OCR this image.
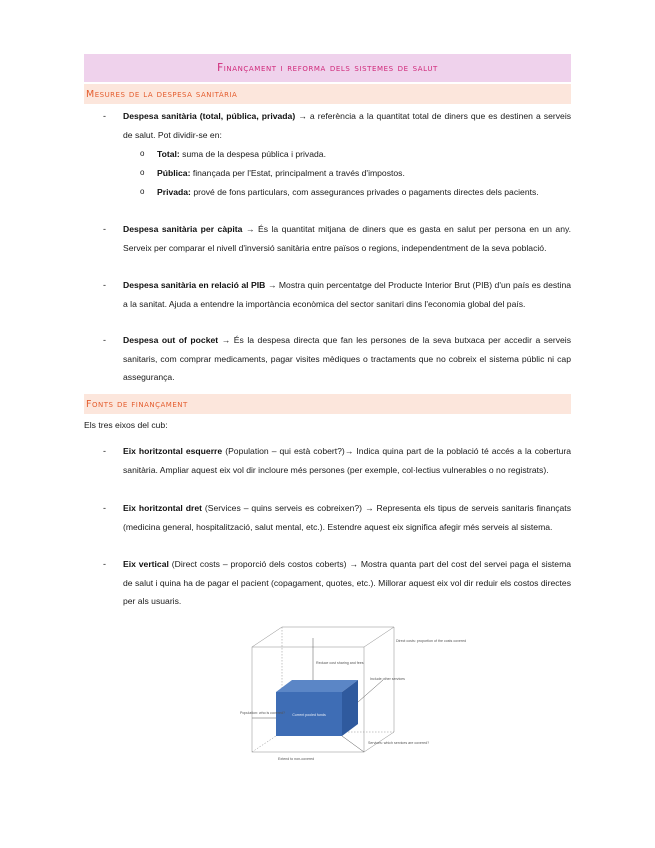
Finançament i reforma dels sistemes de salut
Mesures de la despesa sanitària
- Despesa sanitària (total, pública, privada) → a referència a la quantitat total de diners que es destinen a serveis de salut. Pot dividir-se en:
o Total: suma de la despesa pública i privada.
o Pública: finançada per l'Estat, principalment a través d'impostos.
o Privada: prové de fons particulars, com assegurances privades o pagaments directes dels pacients.
- Despesa sanitària per càpita → És la quantitat mitjana de diners que es gasta en salut per persona en un any. Serveix per comparar el nivell d'inversió sanitària entre països o regions, independentment de la seva població.
- Despesa sanitària en relació al PIB → Mostra quin percentatge del Producte Interior Brut (PIB) d'un país es destina a la sanitat. Ajuda a entendre la importància econòmica del sector sanitari dins l'economia global del país.
- Despesa out of pocket → És la despesa directa que fan les persones de la seva butxaca per accedir a serveis sanitaris, com comprar medicaments, pagar visites mèdiques o tractaments que no cobreix el sistema públic ni cap assegurança.
Fonts de finançament
Els tres eixos del cub:
- Eix horitzontal esquerre (Population – qui està cobert?)→ Indica quina part de la població té accés a la cobertura sanitària. Ampliar aquest eix vol dir incloure més persones (per exemple, col·lectius vulnerables o no registrats).
- Eix horitzontal dret (Services – quins serveis es cobreixen?) → Representa els tipus de serveis sanitaris finançats (medicina general, hospitalització, salut mental, etc.). Estendre aquest eix significa afegir més serveis al sistema.
- Eix vertical (Direct costs – proporció dels costos coberts) → Mostra quanta part del cost del servei paga el sistema de salut i quina ha de pagar el pacient (copagament, quotes, etc.). Millorar aquest eix vol dir reduir els costos directes per als usuaris.
Current pooled funds
Reduce cost sharing and fees
Include other services
Population: who is covered?
Direct costs: proportion of the costs covered
Services: which services are covered?
Extend to non-covered
